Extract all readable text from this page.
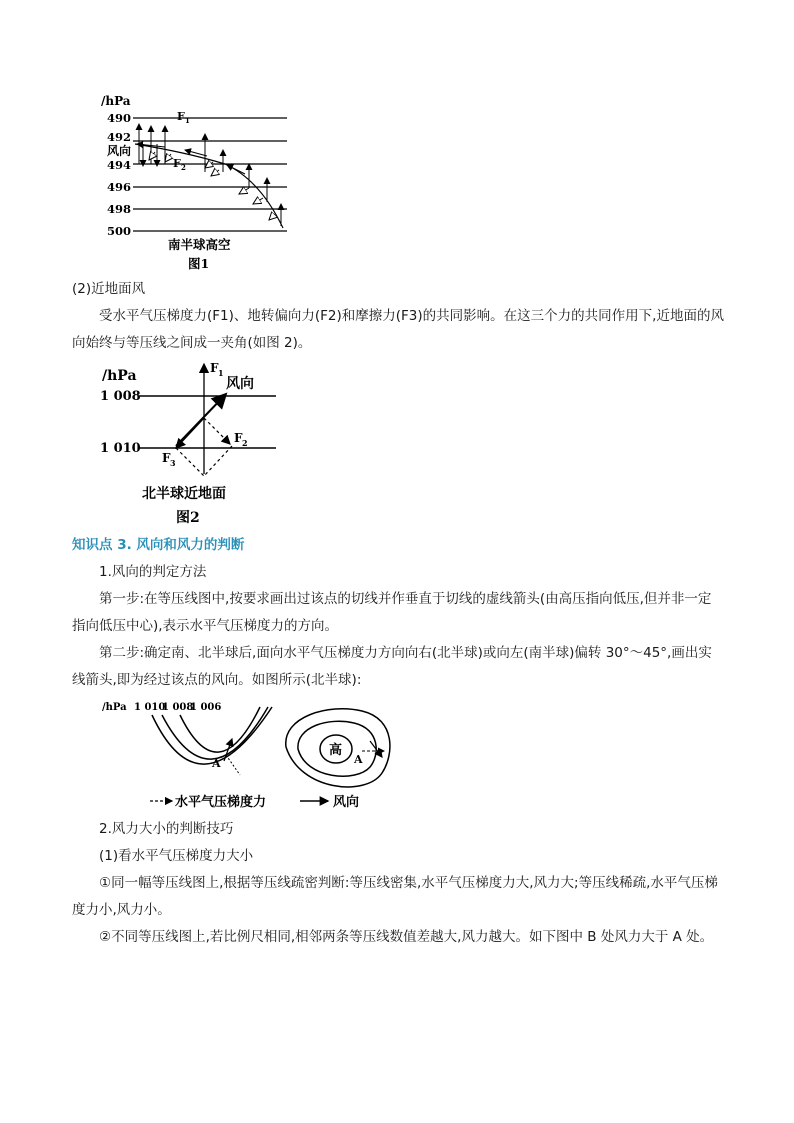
/hPa
490
492
494
496
498
500
风向
F 1
F 2
南半球高空
图1

(2)近地面风

受水平气压梯度力(F1)、地转偏向力(F2)和摩擦力(F3)的共同影响。在这三个力的共同作用下,近地面的风向始终与等压线之间成一夹角(如图 2)。

/hPa
1 008
1 010
F 1
风向
F 2
F 3
北半球近地面
图2

知识点 3. 风向和风力的判断

1.风向的判定方法

第一步:在等压线图中,按要求画出过该点的切线并作垂直于切线的虚线箭头(由高压指向低压,但并非一定指向低压中心),表示水平气压梯度力的方向。

第二步:确定南、北半球后,面向水平气压梯度力方向向右(北半球)或向左(南半球)偏转 30°～45°,画出实线箭头,即为经过该点的风向。如图所示(北半球):

/hPa 1 010
1 008
1 006
A
高
A
水平气压梯度力	风向

2.风力大小的判断技巧

(1)看水平气压梯度力大小

①同一幅等压线图上,根据等压线疏密判断:等压线密集,水平气压梯度力大,风力大;等压线稀疏,水平气压梯度力小,风力小。

②不同等压线图上,若比例尺相同,相邻两条等压线数值差越大,风力越大。如下图中 B 处风力大于 A 处。
